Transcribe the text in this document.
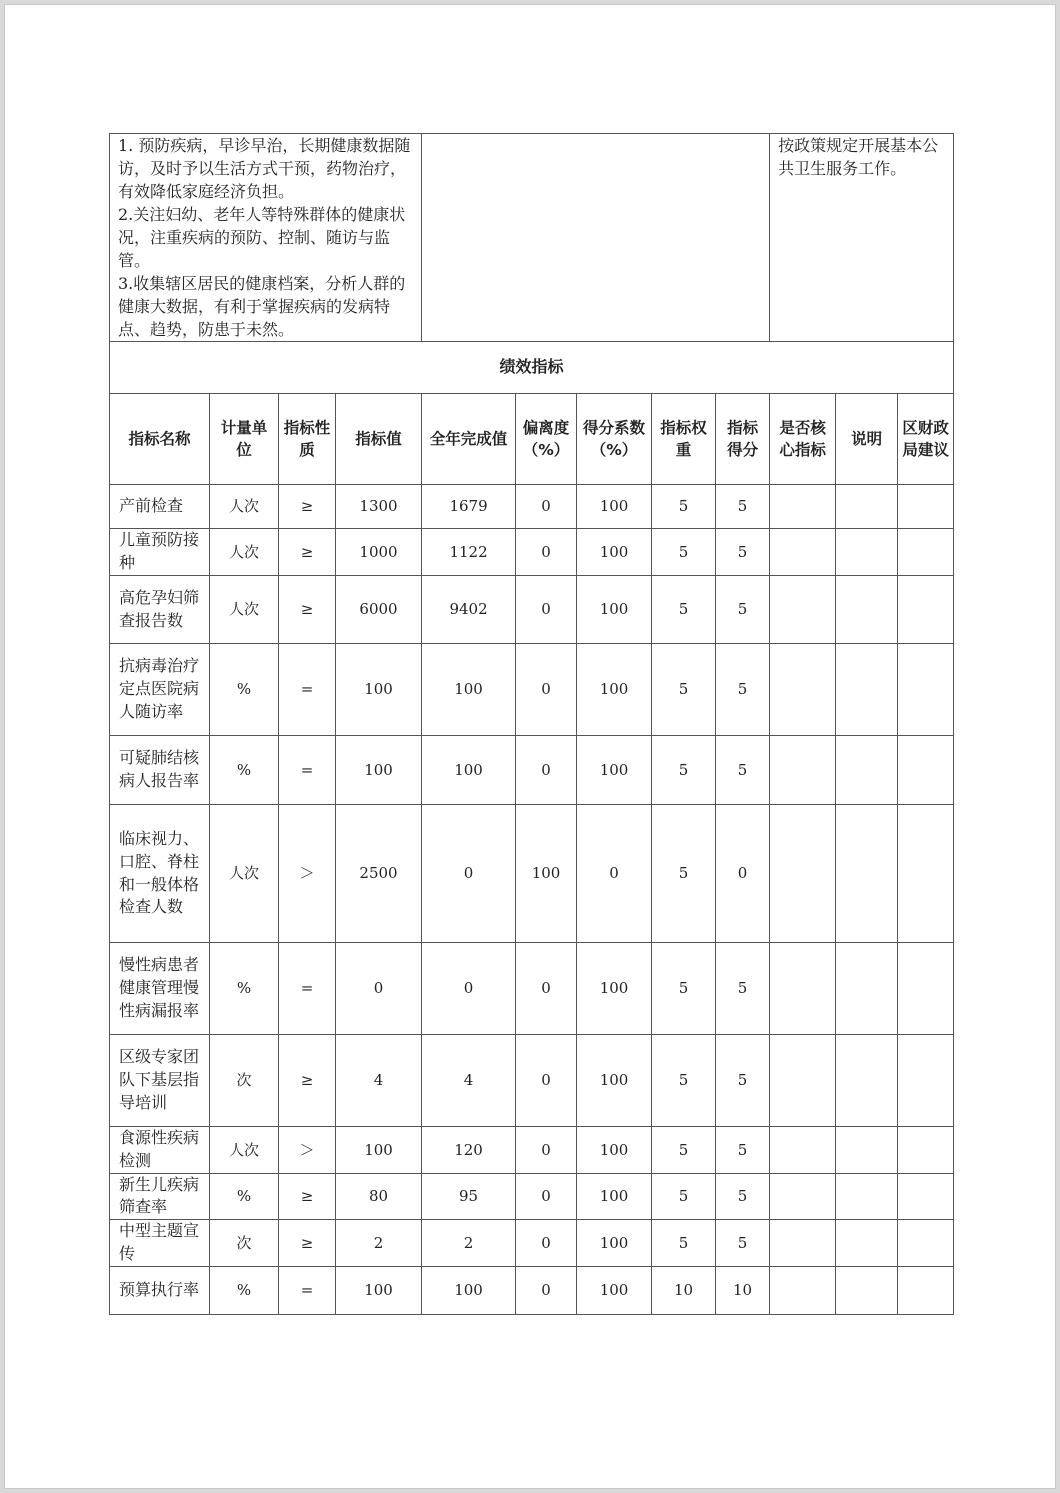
1. 预防疾病，早诊早治，长期健康数据随访，及时予以生活方式干预，药物治疗，有效降低家庭经济负担。
2.关注妇幼、老年人等特殊群体的健康状况，注重疾病的预防、控制、随访与监管。
3.收集辖区居民的健康档案，分析人群的健康大数据，有利于掌握疾病的发病特点、趋势，防患于未然。									按政策规定开展基本公共卫生服务工作。		
绩效指标											
指标名称	计量单位	指标性质	指标值	全年完成值	偏离度（%）	得分系数（%）	指标权重	指标得分	是否核心指标	说明	区财政局建议
产前检查	人次	≥	1300	1679	0	100	5	5			
儿童预防接种	人次	≥	1000	1122	0	100	5	5			
高危孕妇筛查报告数	人次	≥	6000	9402	0	100	5	5			
抗病毒治疗定点医院病人随访率	%	=	100	100	0	100	5	5			
可疑肺结核病人报告率	%	=	100	100	0	100	5	5			
临床视力、口腔、脊柱和一般体格检查人数	人次	＞	2500	0	100	0	5	0			
慢性病患者健康管理慢性病漏报率	%	=	0	0	0	100	5	5			
区级专家团队下基层指导培训	次	≥	4	4	0	100	5	5			
食源性疾病检测	人次	＞	100	120	0	100	5	5			
新生儿疾病筛查率	%	≥	80	95	0	100	5	5			
中型主题宣传	次	≥	2	2	0	100	5	5			
预算执行率	%	=	100	100	0	100	10	10			
